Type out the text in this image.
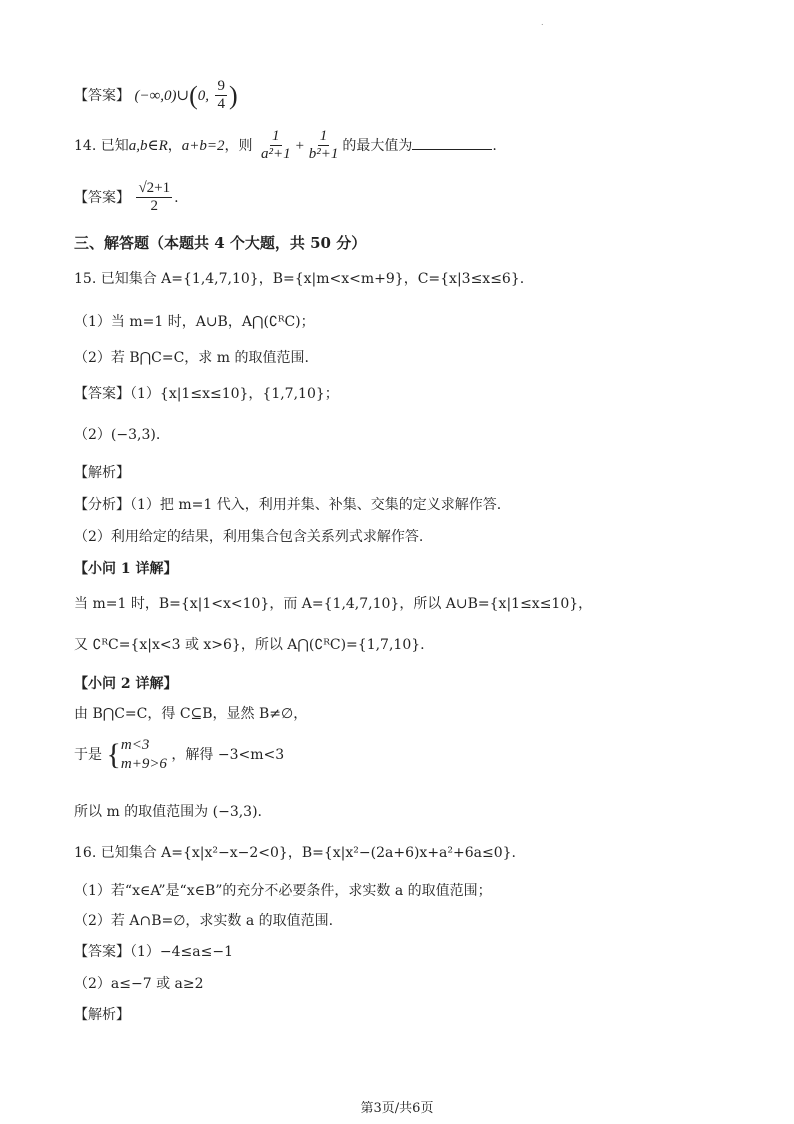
.
【答案】 (−∞,0)∪(0, $\frac{9}{4}$ )
14. 已知a,b∈R，a+b=2，则 $\frac{1}{\text{a²+1}} + \frac{1}{\text{b²+1}}$ 的最大值为	.
【答案】 $\frac{√2+1}{2}$ .
三、解答题（本题共 4 个大题，共 50 分）
15. 已知集合 A={1,4,7,10}，B={x|m<x<m+9}，C={x|3≤x≤6}.
（1）当 m=1 时，A∪B，A⋂(∁ᴿC)；
（2）若 B⋂C=C，求 m 的取值范围.
【答案】（1）{x|1≤x≤10}，{1,7,10}；
（2）(−3,3).
【解析】
【分析】（1）把 m=1 代入，利用并集、补集、交集的定义求解作答.
（2）利用给定的结果，利用集合包含关系列式求解作答.
【小问 1 详解】
当 m=1 时，B={x|1<x<10}，而 A={1,4,7,10}，所以 A∪B={x|1≤x≤10}，
又 ∁ᴿC={x|x<3 或 x>6}，所以 A⋂(∁ᴿC)={1,7,10}.
【小问 2 详解】
由 B⋂C=C，得 C⊆B，显然 B≠∅，
于是 { m<3
m+9>6
，解得 −3<m<3
所以 m 的取值范围为 (−3,3).
16. 已知集合 A={x|x²−x−2<0}，B={x|x²−(2a+6)x+a²+6a≤0}.
（1）若“x∈A”是“x∈B”的充分不必要条件，求实数 a 的取值范围；
（2）若 A∩B=∅，求实数 a 的取值范围.
【答案】（1）−4≤a≤−1
（2）a≤−7 或 a≥2
【解析】
第3页/共6页
